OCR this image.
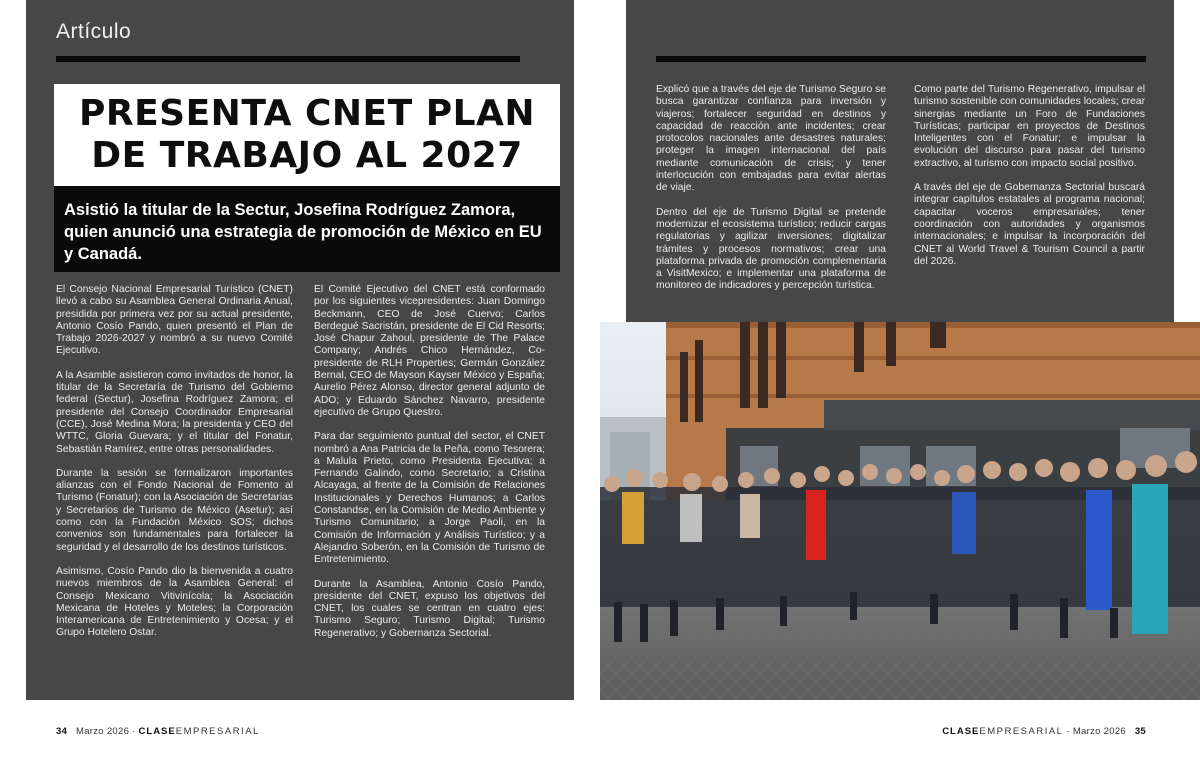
Artículo
PRESENTA CNET PLAN DE TRABAJO AL 2027

Asistió la titular de la Sectur, Josefina Rodríguez Zamora, quien anunció una estrategia de promoción de México en EU y Canadá.

El Consejo Nacional Empresarial Turístico (CNET) llevó a cabo su Asamblea General Ordinaria Anual, presidida por primera vez por su actual presidente, Antonio Cosío Pando, quien presentó el Plan de Trabajo 2026-2027 y nombró a su nuevo Comité Ejecutivo.

A la Asamble asistieron como invitados de honor, la titular de la Secretaría de Turismo del Gobierno federal (Sectur), Josefina Rodríguez Zamora; el presidente del Consejo Coordinador Empresarial (CCE), José Medina Mora; la presidenta y CEO del WTTC, Gloria Guevara; y el titular del Fonatur, Sebastián Ramírez, entre otras personalidades.

Durante la sesión se formalizaron importantes alianzas con el Fondo Nacional de Fomento al Turismo (Fonatur); con la Asociación de Secretarias y Secretarios de Turismo de México (Asetur); así como con la Fundación México SOS; dichos convenios son fundamentales para fortalecer la seguridad y el desarrollo de los destinos turísticos.

Asimismo, Cosío Pando dio la bienvenida a cuatro nuevos miembros de la Asamblea General: el Consejo Mexicano Vitivinícola; la Asociación Mexicana de Hoteles y Moteles; la Corporación Interamericana de Entretenimiento y Ocesa; y el Grupo Hotelero Ostar.

El Comité Ejecutivo del CNET está conformado por los siguientes vicepresidentes: Juan Domingo Beckmann, CEO de José Cuervo; Carlos Berdegué Sacristán, presidente de El Cid Resorts; José Chapur Zahoul, presidente de The Palace Company; Andrés Chico Hernández, Co-presidente de RLH Properties; Germán González Bernal, CEO de Mayson Kayser México y España; Aurelio Pérez Alonso, director general adjunto de ADO; y Eduardo Sánchez Navarro, presidente ejecutivo de Grupo Questro.

Para dar seguimiento puntual del sector, el CNET nombró a Ana Patricia de la Peña, como Tesorera; a Malula Prieto, como Presidenta Ejecutiva; a Fernando Galindo, como Secretario; a Cristina Alcayaga, al frente de la Comisión de Relaciones Institucionales y Derechos Humanos; a Carlos Constandse, en la Comisión de Medio Ambiente y Turismo Comunitario; a Jorge Paoli, en la Comisión de Información y Análisis Turístico; y a Alejandro Soberón, en la Comisión de Turismo de Entretenimiento.

Durante la Asamblea, Antonio Cosío Pando, presidente del CNET, expuso los objetivos del CNET, los cuales se centran en cuatro ejes: Turismo Seguro; Turismo Digital; Turismo Regenerativo; y Gobernanza Sectorial.

Explicó que a través del eje de Turismo Seguro se busca garantizar confianza para inversión y viajeros; fortalecer seguridad en destinos y capacidad de reacción ante incidentes; crear protocolos nacionales ante desastres naturales; proteger la imagen internacional del país mediante comunicación de crisis; y tener interlocución con embajadas para evitar alertas de viaje.

Dentro del eje de Turismo Digital se pretende modernizar el ecosistema turístico; reducir cargas regulatorias y agilizar inversiones; digitalizar trámites y procesos normativos; crear una plataforma privada de promoción complementaria a VisitMexico; e implementar una plataforma de monitoreo de indicadores y percepción turística.

Como parte del Turismo Regenerativo, impulsar el turismo sostenible con comunidades locales; crear sinergias mediante un Foro de Fundaciones Turísticas; participar en proyectos de Destinos Inteligentes con el Fonatur; e impulsar la evolución del discurso para pasar del turismo extractivo, al turismo con impacto social positivo.

A través del eje de Gobernanza Sectorial buscará integrar capítulos estatales al programa nacional; capacitar voceros empresariales; tener coordinación con autoridades y organismos internacionales; e impulsar la incorporación del CNET al World Travel & Tourism Council a partir del 2026.

34 Marzo 2026 · CLASEEMPRESARIAL	CLASEEMPRESARIAL · Marzo 2026 35
